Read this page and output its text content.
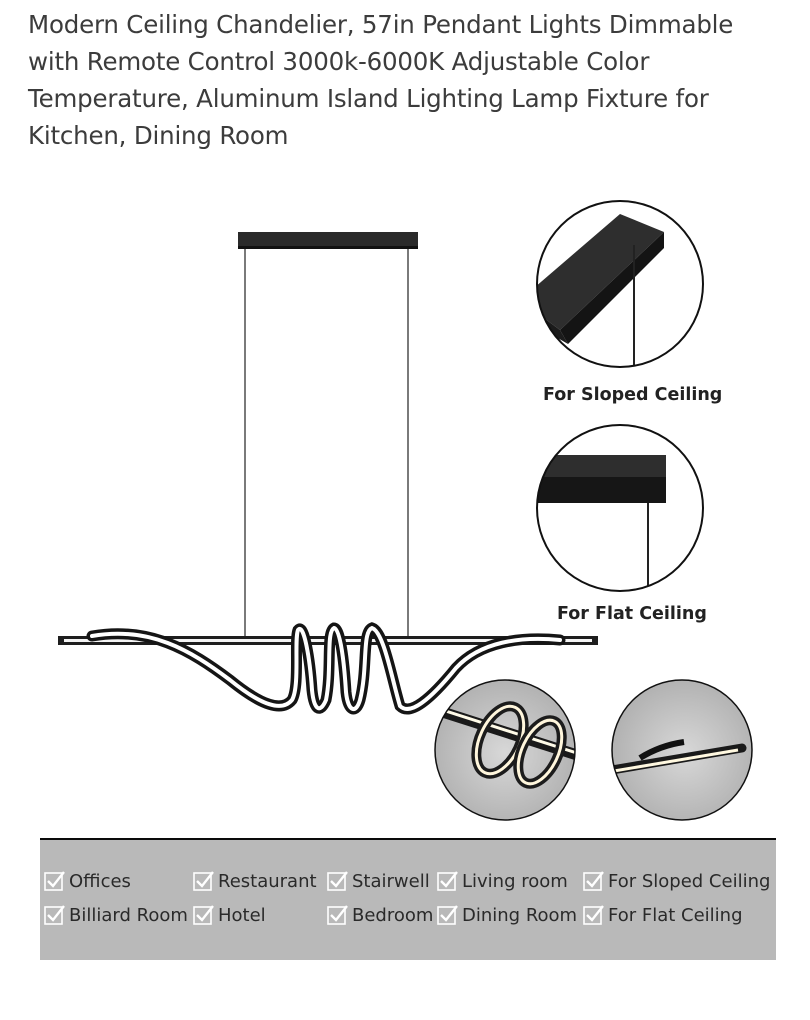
Modern Ceiling Chandelier, 57in Pendant Lights Dimmable with Remote Control 3000k-6000K Adjustable Color Temperature, Aluminum Island Lighting Lamp Fixture for Kitchen, Dining Room
For Sloped Ceiling
For Flat Ceiling
Offices	Restaurant Stairwell Living room For Sloped Ceiling
Billiard Room Hotel	Bedroom Dining Room For Flat Ceiling
